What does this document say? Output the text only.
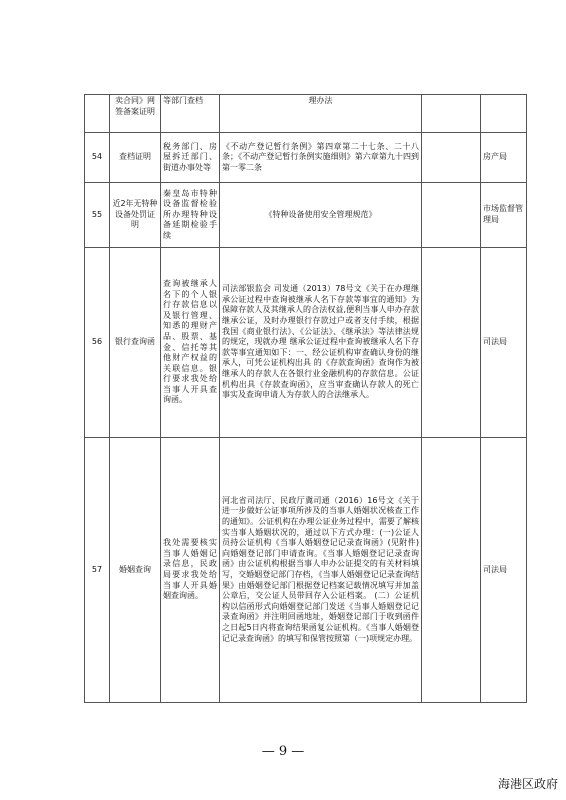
	卖合同》网签备案证明	等部门查档	理办法		
54	查档证明	税务部门、房屋拆迁部门、街道办事处等	《不动产登记暂行条例》第四章第二十七条、二十八条；《不动产登记暂行条例实施细则》第六章第九十四到第一零二条		房产局
55	近2年无特种设备处罚证明	秦皇岛市特种设备监督检验所办理特种设备延期检验手续	《特种设备使用安全管理规范》		市场监督管理局
56	银行查询函	查询被继承人名下的个人银行存款信息以及银行管理、知悉的理财产品、股票、基金、信托等其他财产权益的关联信息。银行要求我处给当事人开具查询函。	司法部银监会 司发通（2013）78号文《关于在办理继承公证过程中查询被继承人名下存款等事宜的通知》为保障存款人及其继承人的合法权益,便利当事人申办存款 继承公证，及时办理银行存款过户或者支付手续，根据我国《商业银行法》、《公证法》、《继承法》等法律法规的规定，现就办理 继承公证过程中查询被继承人名下存款等事宜通知如下：一、经公证机构审查确认身份的继承人，可凭公证机构出具 的《存款查询函》查询作为被继承人的存款人在各银行业金融机构的存款信息。公证机构出具《存款查询函》，应当审查确认存款人的死亡 事实及查询申请人为存款人的合法继承人。		司法局
57	婚姻查询	我处需要核实当事人婚姻记录信息，民政局要求我处给当事人开具婚姻查询函。	河北省司法厅、民政厅冀司通（2016）16号文《关于进一步做好公证事项所涉及的当事人婚姻状况核查工作的通知》。公证机构在办理公证业务过程中，需要了解核实当事人婚姻状况的，通过以下方式办理：(一)公证人员持公证机构《当事人婚姻登记记录查询函》(见附件)向婚姻登记部门申请查询。《当事人婚姻登记记录查询函》由公证机构根据当事人申办公证提交的有关材料填写，交婚姻登记部门存档，《当事人婚姻登记记录查询结果》由婚姻登记部门根据登记档案记载情况填写并加盖公章后，交公证人员带回存入公证档案。 (二）公证机构以信函形式向婚姻登记部门发送《当事人婚姻登记记录查询函》并注明回函地址，婚姻登记部门于收到函件之日起5日内将查询结果函复公证机构。《当事人婚姻登记记录查询函》的填写和保管按照第（一)项规定办理。		司法局
— 9 —
海港区政府
